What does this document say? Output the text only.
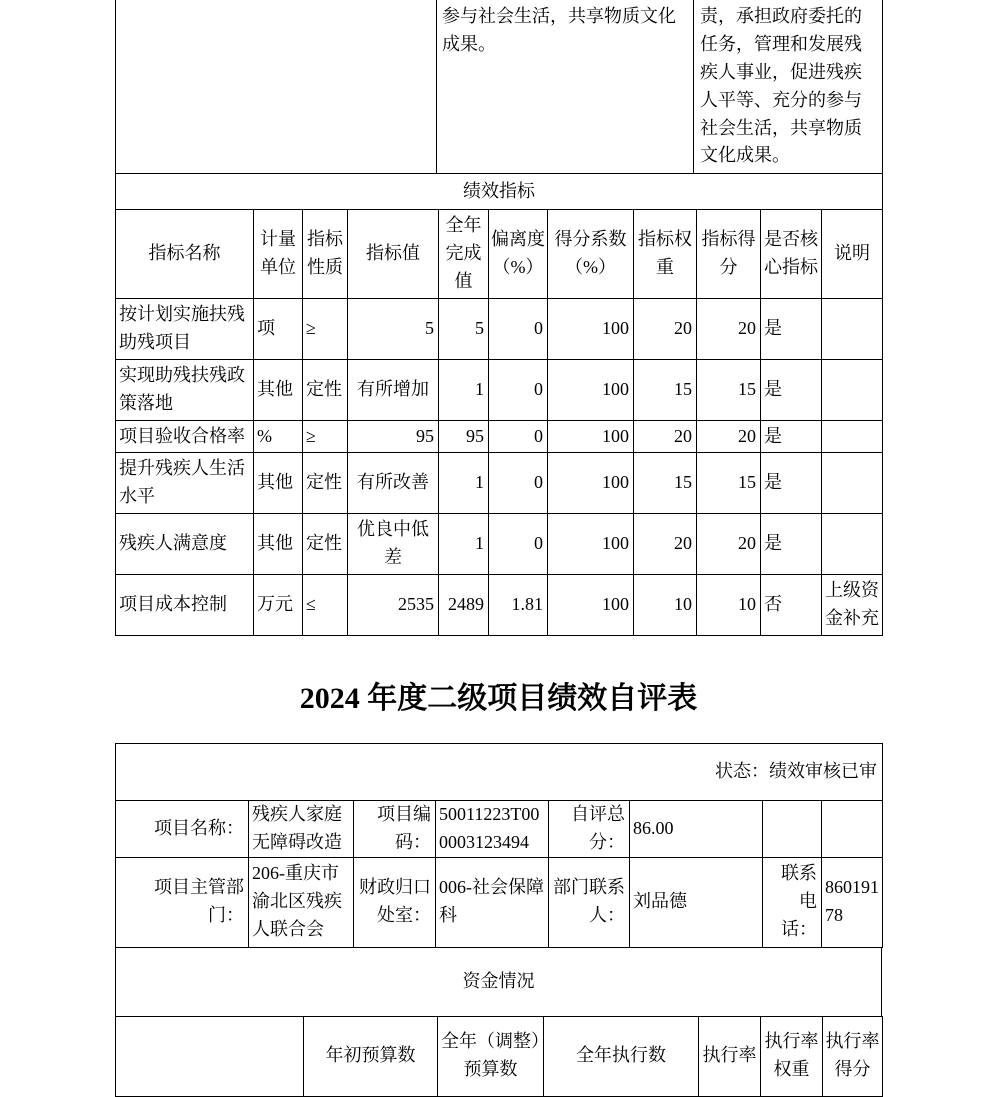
	参与社会生活，共享物质文化成果。	责，承担政府委托的任务，管理和发展残疾人事业，促进残疾人平等、充分的参与社会生活，共享物质文化成果。
绩效指标										
指标名称	计量单位	指标性质	指标值	全年完成值	偏离度（%）	得分系数（%）	指标权重	指标得分	是否核心指标	说明
按计划实施扶残助残项目	项	≥	5	5	0	100	20	20	是	
实现助残扶残政策落地	其他	定性	有所增加	1	0	100	15	15	是	
项目验收合格率	%	≥	95	95	0	100	20	20	是	
提升残疾人生活水平	其他	定性	有所改善	1	0	100	15	15	是	
残疾人满意度	其他	定性	优良中低差	1	0	100	20	20	是	
项目成本控制	万元	≤	2535	2489	1.81	100	10	10	否	上级资金补充
2024 年度二级项目绩效自评表
状态：绩效审核已审							
项目名称：	残疾人家庭无障碍改造	项目编码：	50011223T000003123494	自评总分：	86.00		
项目主管部门：	206-重庆市渝北区残疾人联合会	财政归口处室：	006-社会保障科	部门联系人：	刘品德	联系电话：	86019178
资金情况
	年初预算数	全年（调整）预算数	全年执行数	执行率	执行率权重	执行率得分
